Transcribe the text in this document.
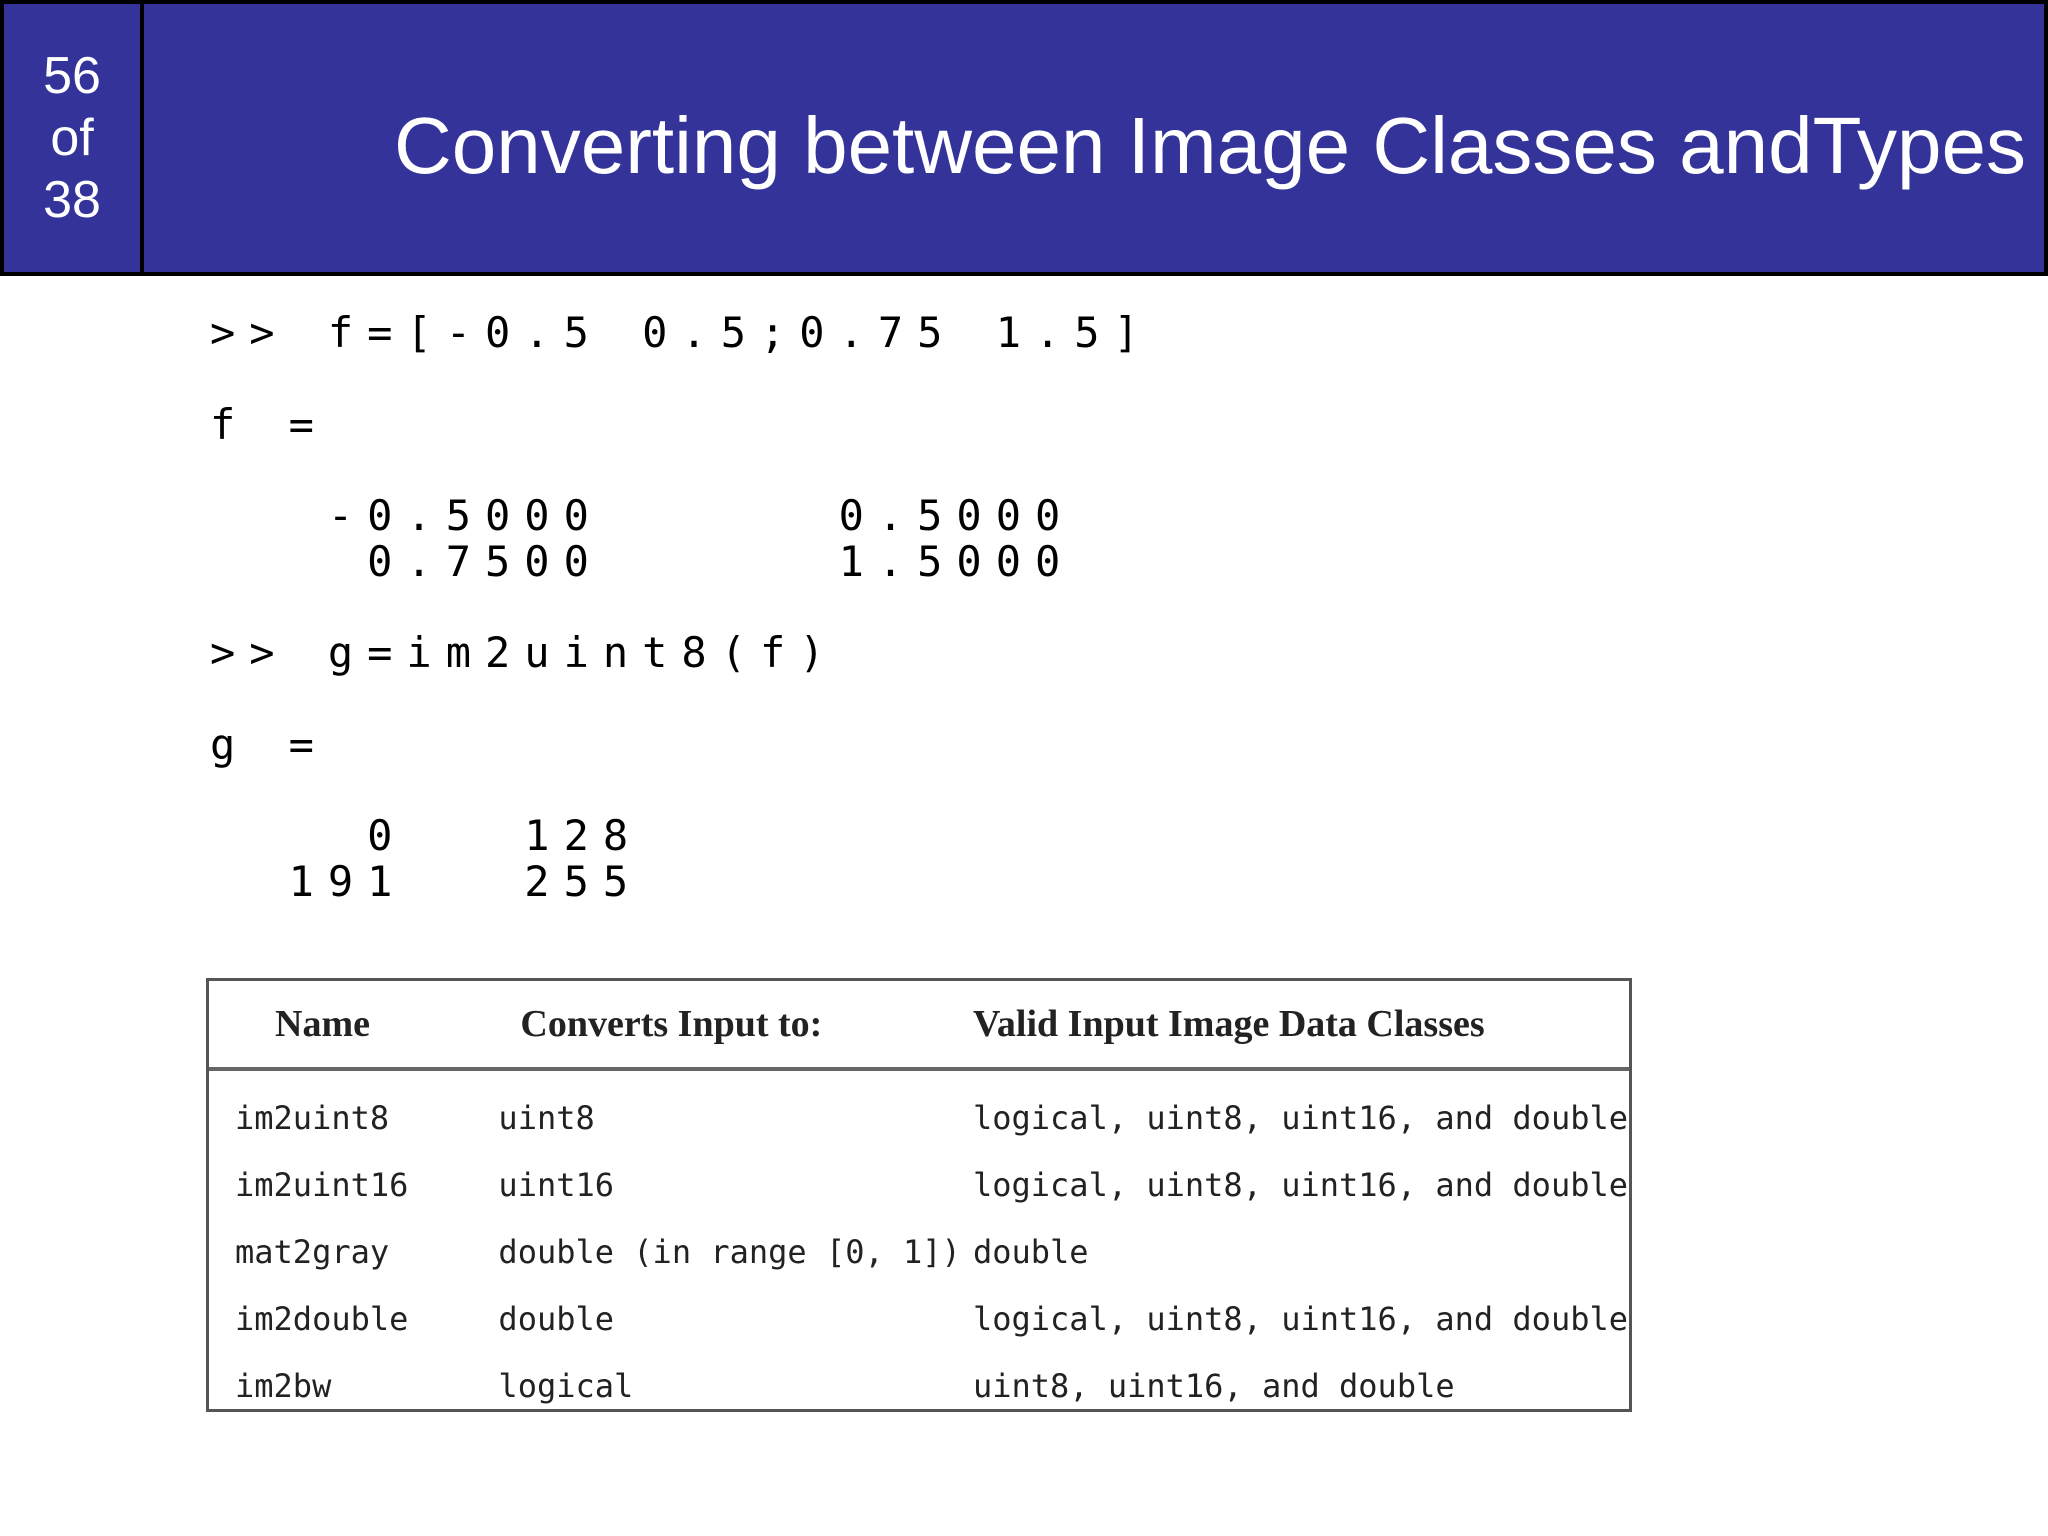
56
of
38
Converting between Image Classes andTypes
>> f=[-0.5 0.5;0.75 1.5]
f =
-0.5000      0.5000
0.7500      1.5000
>> g=im2uint8(f)
g =
0   128
191   255
Name	Converts Input to:	Valid Input Image Data Classes
im2uint8	uint8	logical, uint8, uint16, and double
im2uint16	uint16	logical, uint8, uint16, and double
mat2gray	double (in range [0, 1])	double
im2double	double	logical, uint8, uint16, and double
im2bw	logical	uint8, uint16, and double
